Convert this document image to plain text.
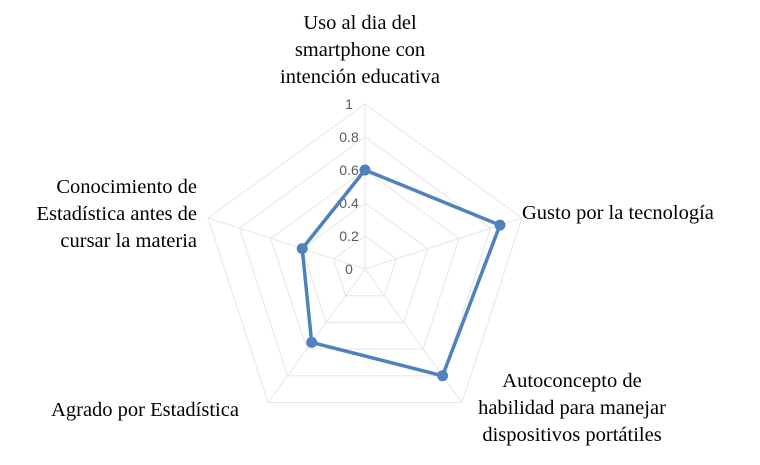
0
0.2
0.4
0.6
0.8
1
Uso al dia del
smartphone con
intención educativa
Gusto por la tecnología
Autoconcepto de
habilidad para manejar
dispositivos portátiles
Agrado por Estadística
Conocimiento de
Estadística antes de
cursar la materia
